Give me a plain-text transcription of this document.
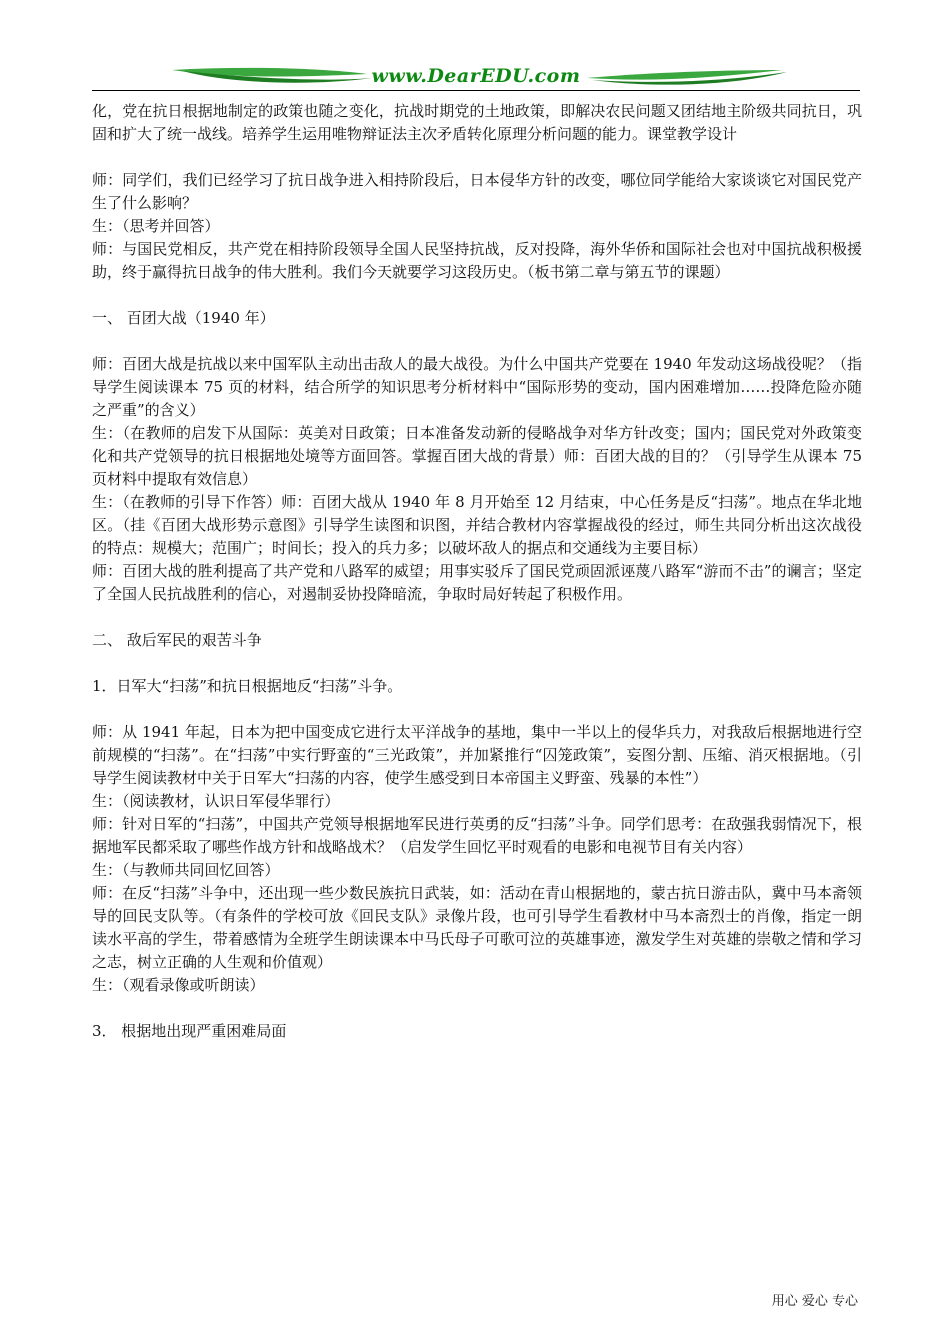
www.DearEDU.com

化，党在抗日根据地制定的政策也随之变化，抗战时期党的土地政策，即解决农民问题又团结地主阶级共同抗日，巩固和扩大了统一战线。培养学生运用唯物辩证法主次矛盾转化原理分析问题的能力。课堂教学设计

师：同学们，我们已经学习了抗日战争进入相持阶段后，日本侵华方针的改变，哪位同学能给大家谈谈它对国民党产生了什么影响？

生：（思考并回答）

师：与国民党相反，共产党在相持阶段领导全国人民坚持抗战，反对投降，海外华侨和国际社会也对中国抗战积极援助，终于赢得抗日战争的伟大胜利。我们今天就要学习这段历史。（板书第二章与第五节的课题）

一、 百团大战（1940 年）

师：百团大战是抗战以来中国军队主动出击敌人的最大战役。为什么中国共产党要在 1940 年发动这场战役呢？（指导学生阅读课本 75 页的材料，结合所学的知识思考分析材料中“国际形势的变动，国内困难增加……投降危险亦随之严重”的含义）

生：（在教师的启发下从国际：英美对日政策；日本准备发动新的侵略战争对华方针改变；国内；国民党对外政策变化和共产党领导的抗日根据地处境等方面回答。掌握百团大战的背景）师：百团大战的目的？（引导学生从课本 75 页材料中提取有效信息）

生：（在教师的引导下作答）师：百团大战从 1940 年 8 月开始至 12 月结束，中心任务是反“扫荡”。地点在华北地区。（挂《百团大战形势示意图》引导学生读图和识图，并结合教材内容掌握战役的经过，师生共同分析出这次战役的特点：规模大；范围广；时间长；投入的兵力多；以破坏敌人的据点和交通线为主要目标）

师：百团大战的胜利提高了共产党和八路军的威望；用事实驳斥了国民党顽固派诬蔑八路军“游而不击”的谰言；坚定了全国人民抗战胜利的信心，对遏制妥协投降暗流，争取时局好转起了积极作用。

二、 敌后军民的艰苦斗争

1．日军大“扫荡”和抗日根据地反“扫荡”斗争。

师：从 1941 年起，日本为把中国变成它进行太平洋战争的基地，集中一半以上的侵华兵力，对我敌后根据地进行空前规模的“扫荡”。在“扫荡”中实行野蛮的“三光政策”，并加紧推行“囚笼政策”，妄图分割、压缩、消灭根据地。（引导学生阅读教材中关于日军大“扫荡的内容，使学生感受到日本帝国主义野蛮、残暴的本性”）

生：（阅读教材，认识日军侵华罪行）

师：针对日军的“扫荡”，中国共产党领导根据地军民进行英勇的反“扫荡”斗争。同学们思考：在敌强我弱情况下，根据地军民都采取了哪些作战方针和战略战术？（启发学生回忆平时观看的电影和电视节目有关内容）

生：（与教师共同回忆回答）

师：在反“扫荡”斗争中，还出现一些少数民族抗日武装，如：活动在青山根据地的，蒙古抗日游击队，冀中马本斋领导的回民支队等。（有条件的学校可放《回民支队》录像片段，也可引导学生看教材中马本斋烈士的肖像，指定一朗读水平高的学生，带着感情为全班学生朗读课本中马氏母子可歌可泣的英雄事迹，激发学生对英雄的崇敬之情和学习之志，树立正确的人生观和价值观）

生：（观看录像或听朗读）

3． 根据地出现严重困难局面

用心 爱心 专心
